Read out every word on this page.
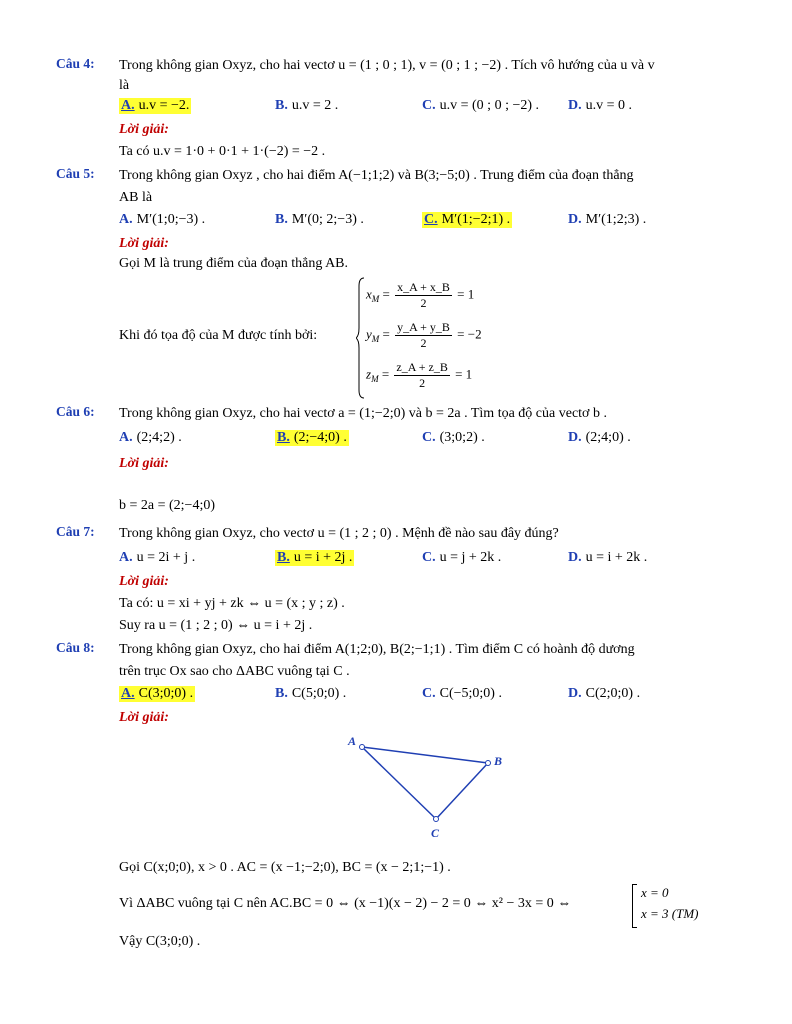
Câu 4: Trong không gian Oxyz, cho hai vectơ u = (1 ; 0 ; 1), v = (0 ; 1 ; −2) . Tích vô hướng của u và v
là
A. u.v = −2.	B. u.v = 2 .	C. u.v = (0 ; 0 ; −2) . D. u.v = 0 .
Lời giải:
Ta có u.v = 1·0 + 0·1 + 1·(−2) = −2 .
Câu 5: Trong không gian Oxyz , cho hai điểm A(−1;1;2) và B(3;−5;0) . Trung điểm của đoạn thẳng
AB là
A. M′(1;0;−3) .	B. M′(0; 2;−3) .	C. M′(1;−2;1) .	D. M′(1;2;3) .
Lời giải:
Gọi M là trung điểm của đoạn thẳng AB.
Khi đó tọa độ của M được tính bởi:
$x_M = \frac{x\_A + x\_B}{2} = 1$
$y_M = \frac{y\_A + y\_B}{2} = -2$
$z_M = \frac{z\_A + z\_B}{2} = 1$
Câu 6: Trong không gian Oxyz, cho hai vectơ a = (1;−2;0) và b = 2a . Tìm tọa độ của vectơ b .
A. (2;4;2) .	B. (2;−4;0) .	C. (3;0;2) .	D. (2;4;0) .
Lời giải:
b = 2a = (2;−4;0)
Câu 7: Trong không gian Oxyz, cho vectơ u = (1 ; 2 ; 0) . Mệnh đề nào sau đây đúng?
A. u = 2i + j .	B. u = i + 2j .	C. u = j + 2k .	D. u = i + 2k .
Lời giải:
Ta có: u = xi + yj + zk ⇔ u = (x ; y ; z) .
Suy ra u = (1 ; 2 ; 0) ⇔ u = i + 2j .
Câu 8: Trong không gian Oxyz, cho hai điểm A(1;2;0), B(2;−1;1) . Tìm điểm C có hoành độ dương
trên trục Ox sao cho ΔABC vuông tại C .
A. C(3;0;0) .	B. C(5;0;0) .	C. C(−5;0;0) .	D. C(2;0;0) .
Lời giải:
A
B
C
Gọi C(x;0;0), x > 0 . AC = (x −1;−2;0), BC = (x − 2;1;−1) .
Vì ΔABC vuông tại C nên AC.BC = 0 ⇔ (x −1)(x − 2) − 2 = 0 ⇔ x² − 3x = 0 ⇔
x = 0
x = 3 (TM)
Vậy C(3;0;0) .
